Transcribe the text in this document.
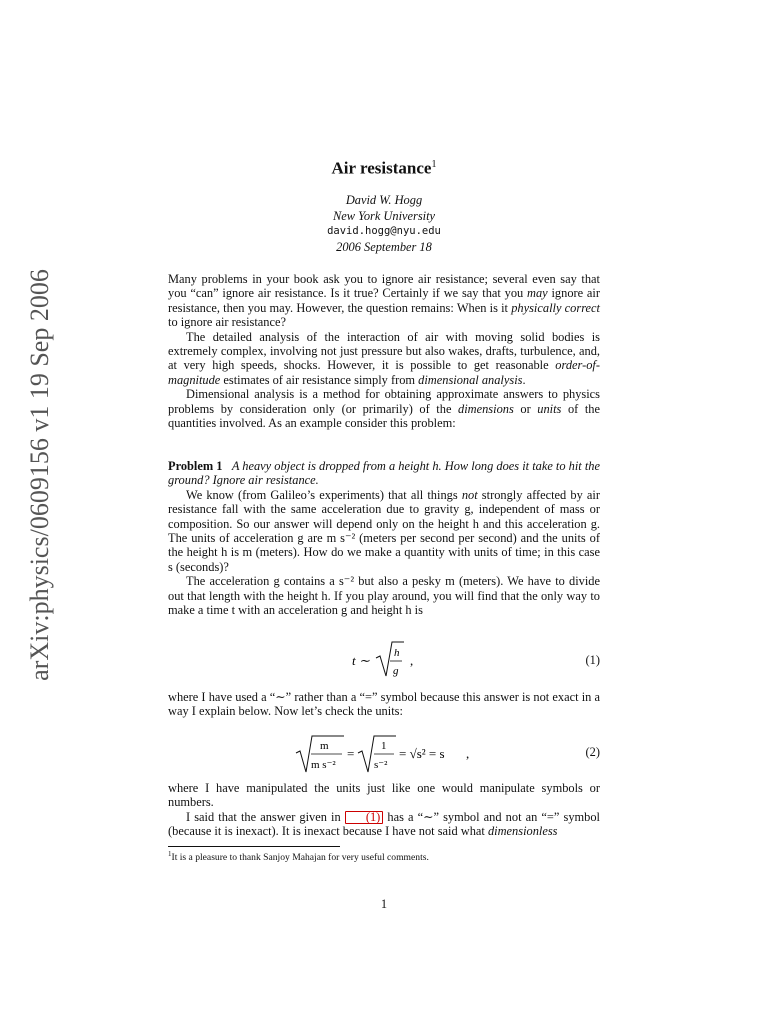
arXiv:physics/0609156 v1 19 Sep 2006
Air resistance$^1$
David W. Hogg
New York University
david.hogg@nyu.edu
2006 September 18

Many problems in your book ask you to ignore air resistance; several even say that you “can” ignore air resistance. Is it true? Certainly if we say that you may ignore air resistance, then you may. However, the question remains: When is it physically correct to ignore air resistance?

The detailed analysis of the interaction of air with moving solid bodies is extremely complex, involving not just pressure but also wakes, drafts, turbulence, and, at very high speeds, shocks. However, it is possible to get reasonable order-of-magnitude estimates of air resistance simply from dimensional analysis.

Dimensional analysis is a method for obtaining approximate answers to physics problems by consideration only (or primarily) of the dimensions or units of the quantities involved. As an example consider this problem:

Problem 1 A heavy object is dropped from a height h. How long does it take to hit the ground? Ignore air resistance.

We know (from Galileo’s experiments) that all things not strongly affected by air resistance fall with the same acceleration due to gravity g, independent of mass or composition. So our answer will depend only on the height h and this acceleration g. The units of acceleration g are m s⁻² (meters per second per second) and the units of the height h is m (meters). How do we make a quantity with units of time; in this case s (seconds)?

The acceleration g contains a s⁻² but also a pesky m (meters). We have to divide out that length with the height h. If you play around, you will find that the only way to make a time t with an acceleration g and height h is

t ∼ h
g
,	(1)

where I have used a “∼” rather than a “=” symbol because this answer is not exact in a way I explain below. Now let’s check the units:

m
m s⁻²
= 1
s⁻²
= √s² = s ,	(2)

where I have manipulated the units just like one would manipulate symbols or numbers.

I said that the answer given in (1) has a “∼” symbol and not an “=” symbol (because it is inexact). It is inexact because I have not said what dimensionless

$^1$It is a pleasure to thank Sanjoy Mahajan for very useful comments.
1
